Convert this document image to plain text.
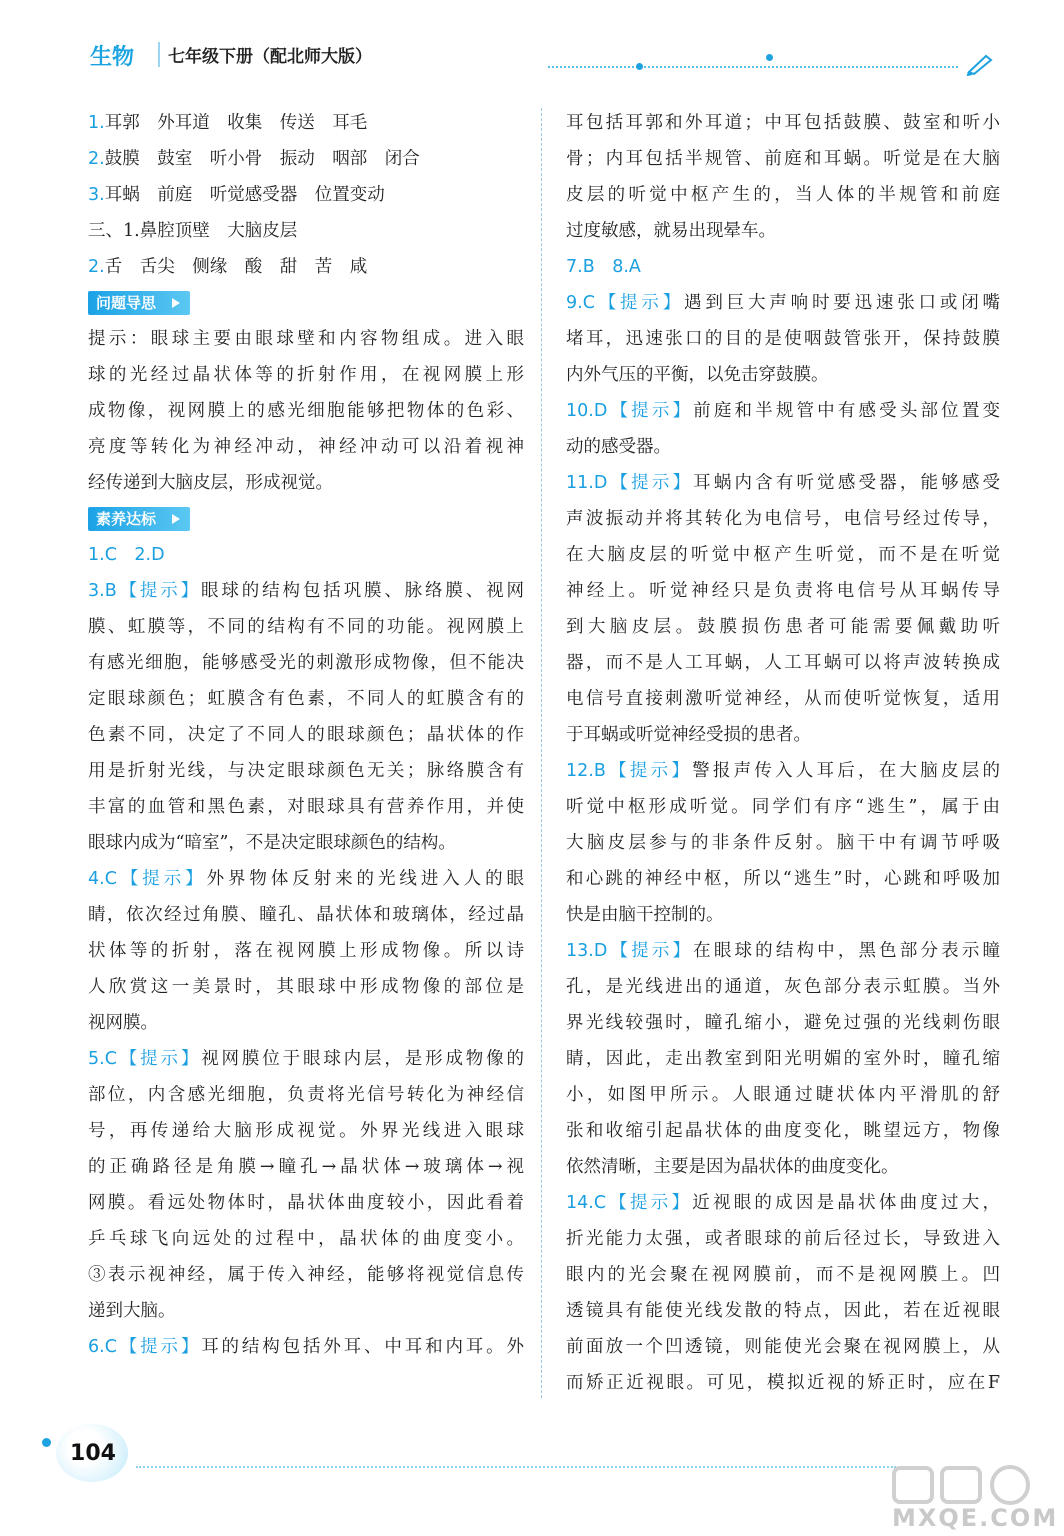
生物	七年级下册（配北师大版）
1.耳郭　外耳道　收集　传送　耳毛
2.鼓膜　鼓室　听小骨　振动　咽部　闭合
3.耳蜗　前庭　听觉感受器　位置变动
三、1.鼻腔顶壁　大脑皮层
2.舌　舌尖　侧缘　酸　甜　苦　咸
问题导思
提示：眼球主要由眼球壁和内容物组成。进入眼
球的光经过晶状体等的折射作用，在视网膜上形
成物像，视网膜上的感光细胞能够把物体的色彩、
亮度等转化为神经冲动，神经冲动可以沿着视神
经传递到大脑皮层，形成视觉。
素养达标
1.C　2.D
3.B【提示】眼球的结构包括巩膜、脉络膜、视网
膜、虹膜等，不同的结构有不同的功能。视网膜上
有感光细胞，能够感受光的刺激形成物像，但不能决
定眼球颜色；虹膜含有色素，不同人的虹膜含有的
色素不同，决定了不同人的眼球颜色；晶状体的作
用是折射光线，与决定眼球颜色无关；脉络膜含有
丰富的血管和黑色素，对眼球具有营养作用，并使
眼球内成为“暗室”，不是决定眼球颜色的结构。
4.C【提示】外界物体反射来的光线进入人的眼
睛，依次经过角膜、瞳孔、晶状体和玻璃体，经过晶
状体等的折射，落在视网膜上形成物像。所以诗
人欣赏这一美景时，其眼球中形成物像的部位是
视网膜。
5.C【提示】视网膜位于眼球内层，是形成物像的
部位，内含感光细胞，负责将光信号转化为神经信
号，再传递给大脑形成视觉。外界光线进入眼球
的正确路径是角膜→瞳孔→晶状体→玻璃体→视
网膜。看远处物体时，晶状体曲度较小，因此看着
乒乓球飞向远处的过程中，晶状体的曲度变小。
③表示视神经，属于传入神经，能够将视觉信息传
递到大脑。
6.C【提示】耳的结构包括外耳、中耳和内耳。外
耳包括耳郭和外耳道；中耳包括鼓膜、鼓室和听小
骨；内耳包括半规管、前庭和耳蜗。听觉是在大脑
皮层的听觉中枢产生的，当人体的半规管和前庭
过度敏感，就易出现晕车。
7.B　8.A
9.C【提示】遇到巨大声响时要迅速张口或闭嘴
堵耳，迅速张口的目的是使咽鼓管张开，保持鼓膜
内外气压的平衡，以免击穿鼓膜。
10.D【提示】前庭和半规管中有感受头部位置变
动的感受器。
11.D【提示】耳蜗内含有听觉感受器，能够感受
声波振动并将其转化为电信号，电信号经过传导，
在大脑皮层的听觉中枢产生听觉，而不是在听觉
神经上。听觉神经只是负责将电信号从耳蜗传导
到大脑皮层。鼓膜损伤患者可能需要佩戴助听
器，而不是人工耳蜗，人工耳蜗可以将声波转换成
电信号直接刺激听觉神经，从而使听觉恢复，适用
于耳蜗或听觉神经受损的患者。
12.B【提示】警报声传入人耳后，在大脑皮层的
听觉中枢形成听觉。同学们有序“逃生”，属于由
大脑皮层参与的非条件反射。脑干中有调节呼吸
和心跳的神经中枢，所以“逃生”时，心跳和呼吸加
快是由脑干控制的。
13.D【提示】在眼球的结构中，黑色部分表示瞳
孔，是光线进出的通道，灰色部分表示虹膜。当外
界光线较强时，瞳孔缩小，避免过强的光线刺伤眼
睛，因此，走出教室到阳光明媚的室外时，瞳孔缩
小，如图甲所示。人眼通过睫状体内平滑肌的舒
张和收缩引起晶状体的曲度变化，眺望远方，物像
依然清晰，主要是因为晶状体的曲度变化。
14.C【提示】近视眼的成因是晶状体曲度过大，
折光能力太强，或者眼球的前后径过长，导致进入
眼内的光会聚在视网膜前，而不是视网膜上。凹
透镜具有能使光线发散的特点，因此，若在近视眼
前面放一个凹透镜，则能使光会聚在视网膜上，从
而矫正近视眼。可见，模拟近视的矫正时，应在F
104
MXQE.COM
